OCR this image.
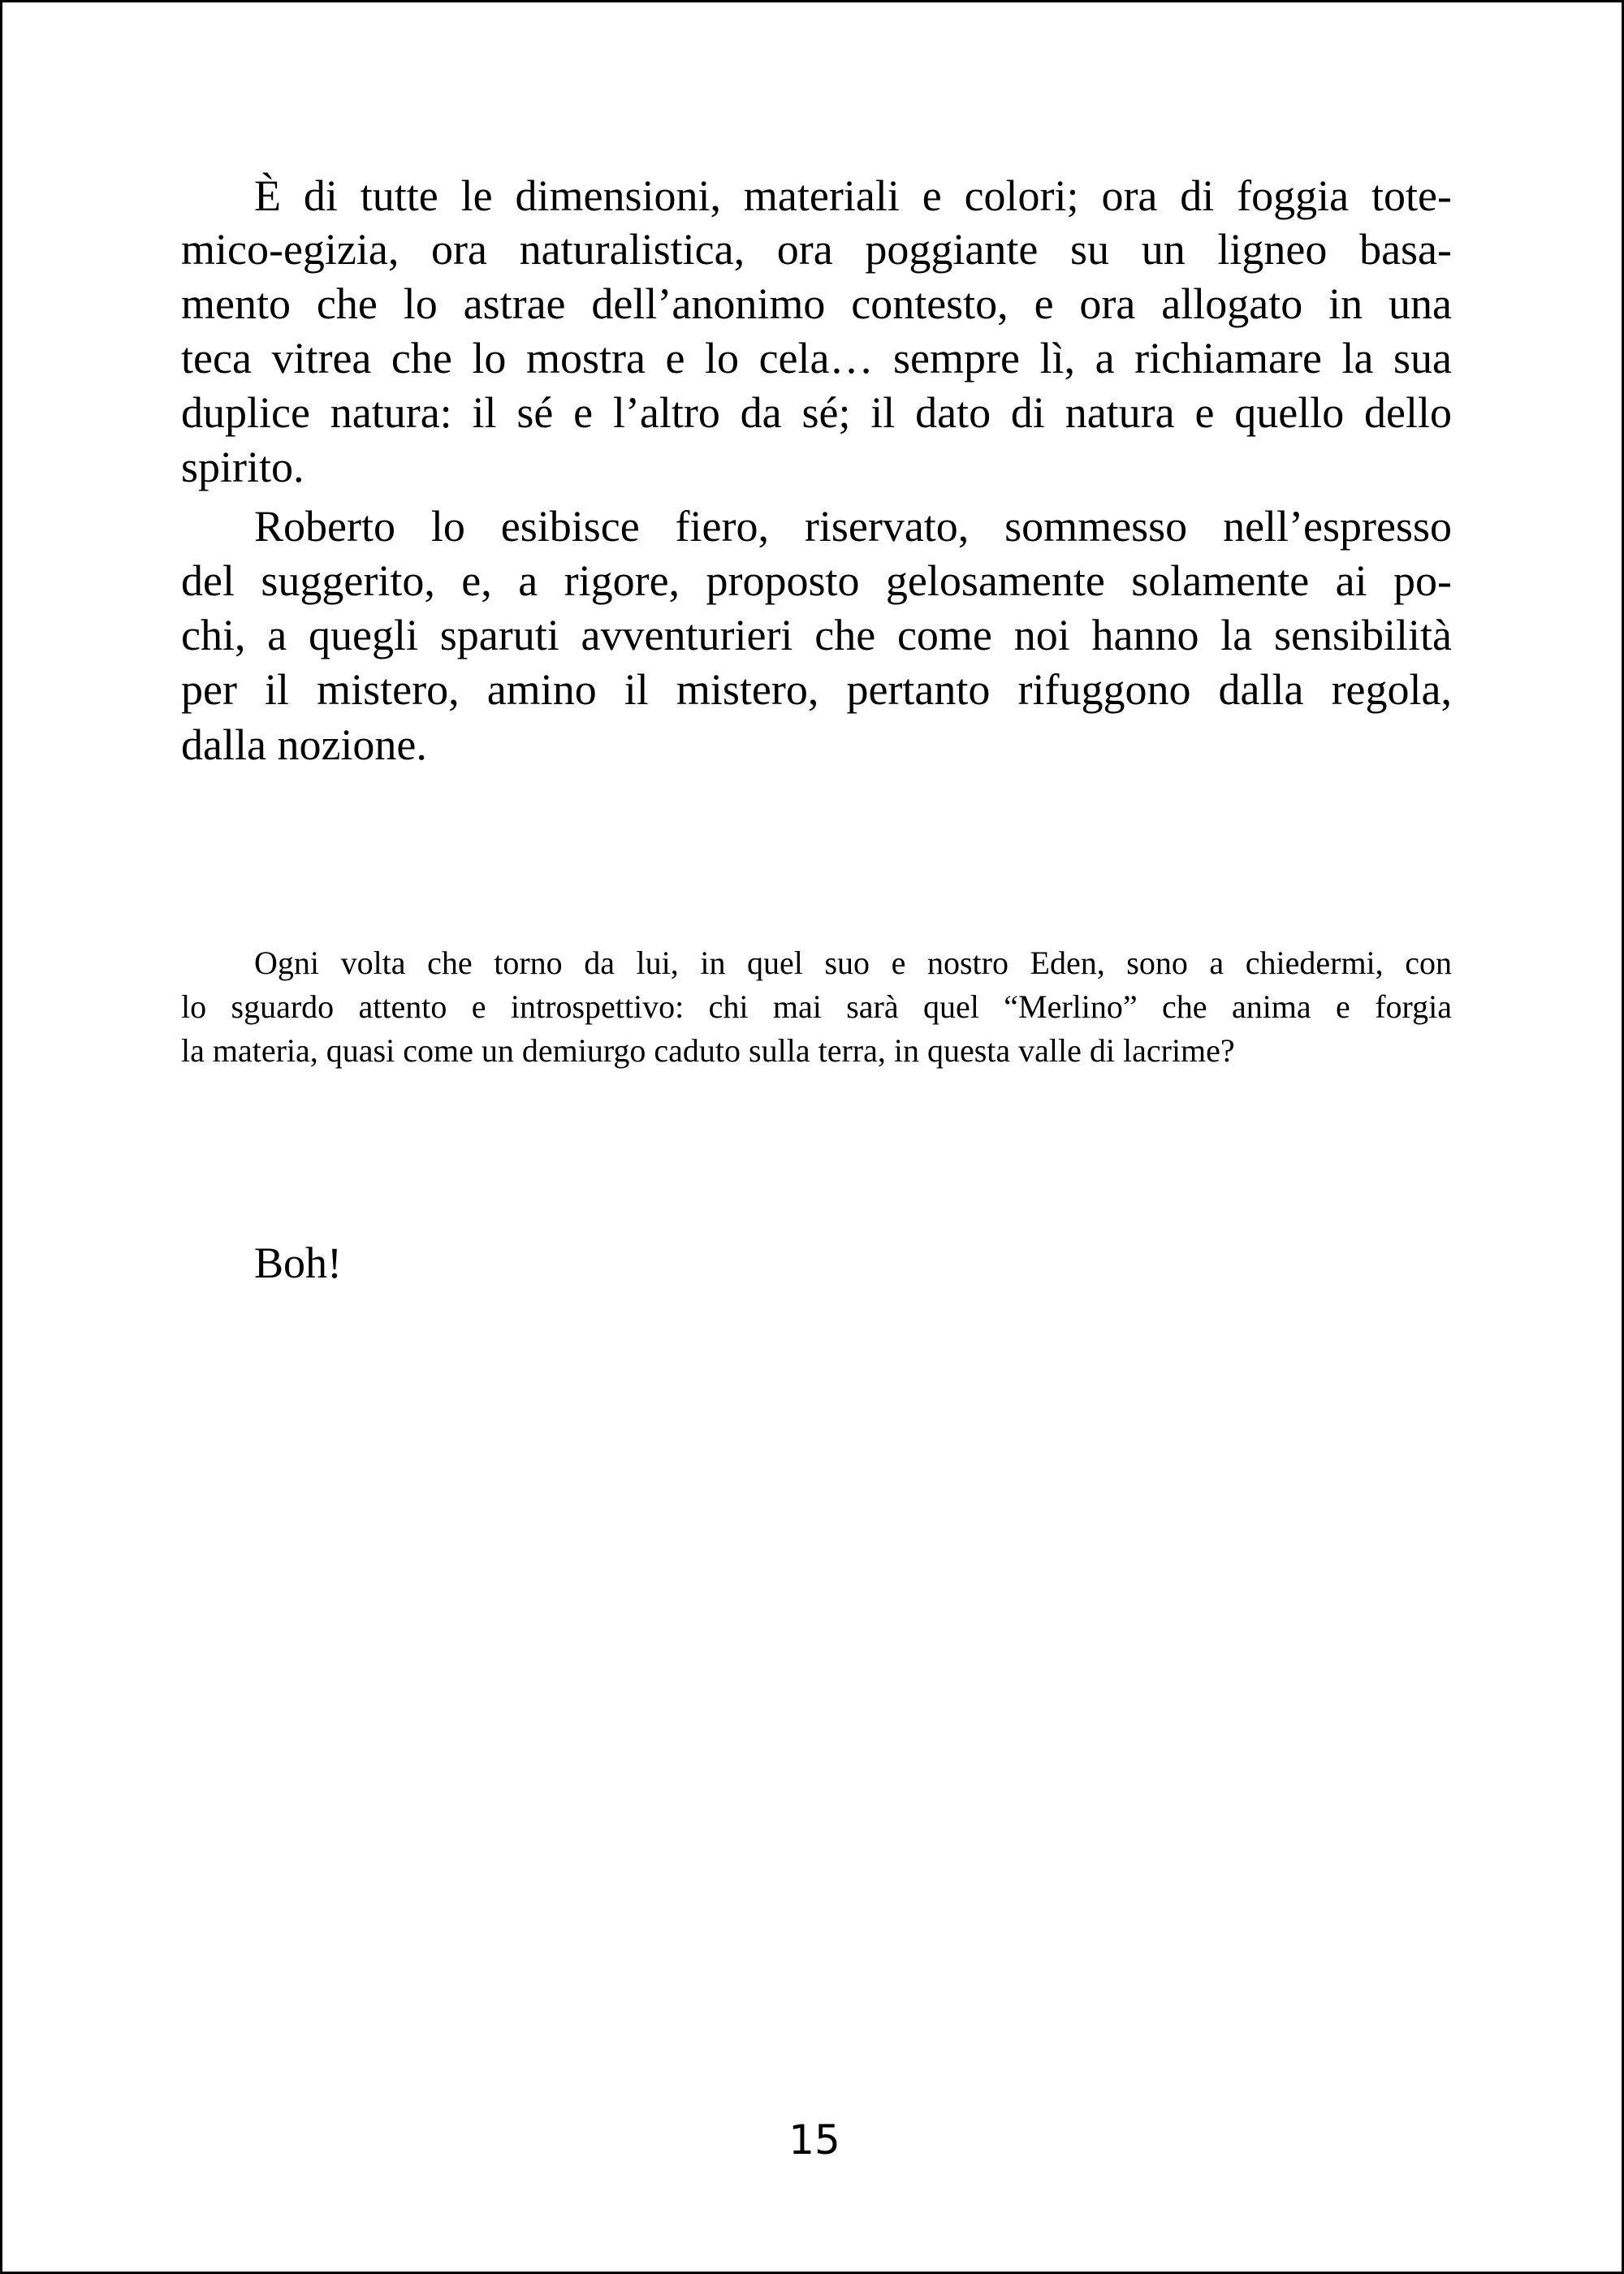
È di tutte le dimensioni, materiali e colori; ora di foggia tote-
mico-egizia, ora naturalistica, ora poggiante su un ligneo basa-
mento che lo astrae dell’anonimo contesto, e ora allogato in una
teca vitrea che lo mostra e lo cela… sempre lì, a richiamare la sua
duplice natura: il sé e l’altro da sé; il dato di natura e quello dello
spirito.
Roberto lo esibisce fiero, riservato, sommesso nell’espresso
del suggerito, e, a rigore, proposto gelosamente solamente ai po-
chi, a quegli sparuti avventurieri che come noi hanno la sensibilità
per il mistero, amino il mistero, pertanto rifuggono dalla regola,
dalla nozione.
Ogni volta che torno da lui, in quel suo e nostro Eden, sono a chiedermi, con
lo sguardo attento e introspettivo: chi mai sarà quel “Merlino” che anima e forgia
la materia, quasi come un demiurgo caduto sulla terra, in questa valle di lacrime?
Boh!
15
